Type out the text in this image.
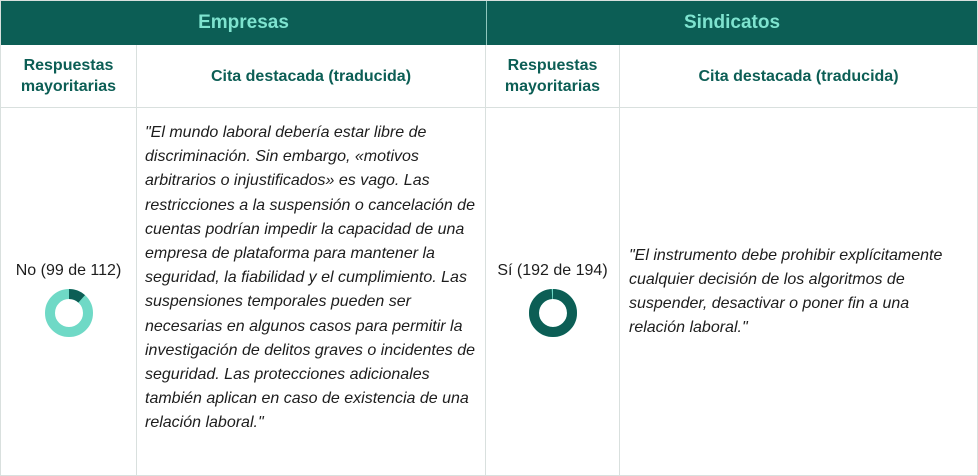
Empresas	Sindicatos
Respuestas
mayoritarias
Cita destacada (traducida)
Respuestas
mayoritarias
Cita destacada (traducida)
No (99 de 112)
"El mundo laboral debería estar libre de discriminación. Sin embargo, «motivos arbitrarios o injustificados» es vago. Las restricciones a la suspensión o cancelación de cuentas podrían impedir la capacidad de una empresa de plataforma para mantener la seguridad, la fiabilidad y el cumplimiento. Las suspensiones temporales pueden ser necesarias en algunos casos para permitir la investigación de delitos graves o incidentes de seguridad. Las protecciones adicionales también aplican en caso de existencia de una relación laboral."
Sí (192 de 194)
"El instrumento debe prohibir explícitamente cualquier decisión de los algoritmos de suspender, desactivar o poner fin a una relación laboral."
